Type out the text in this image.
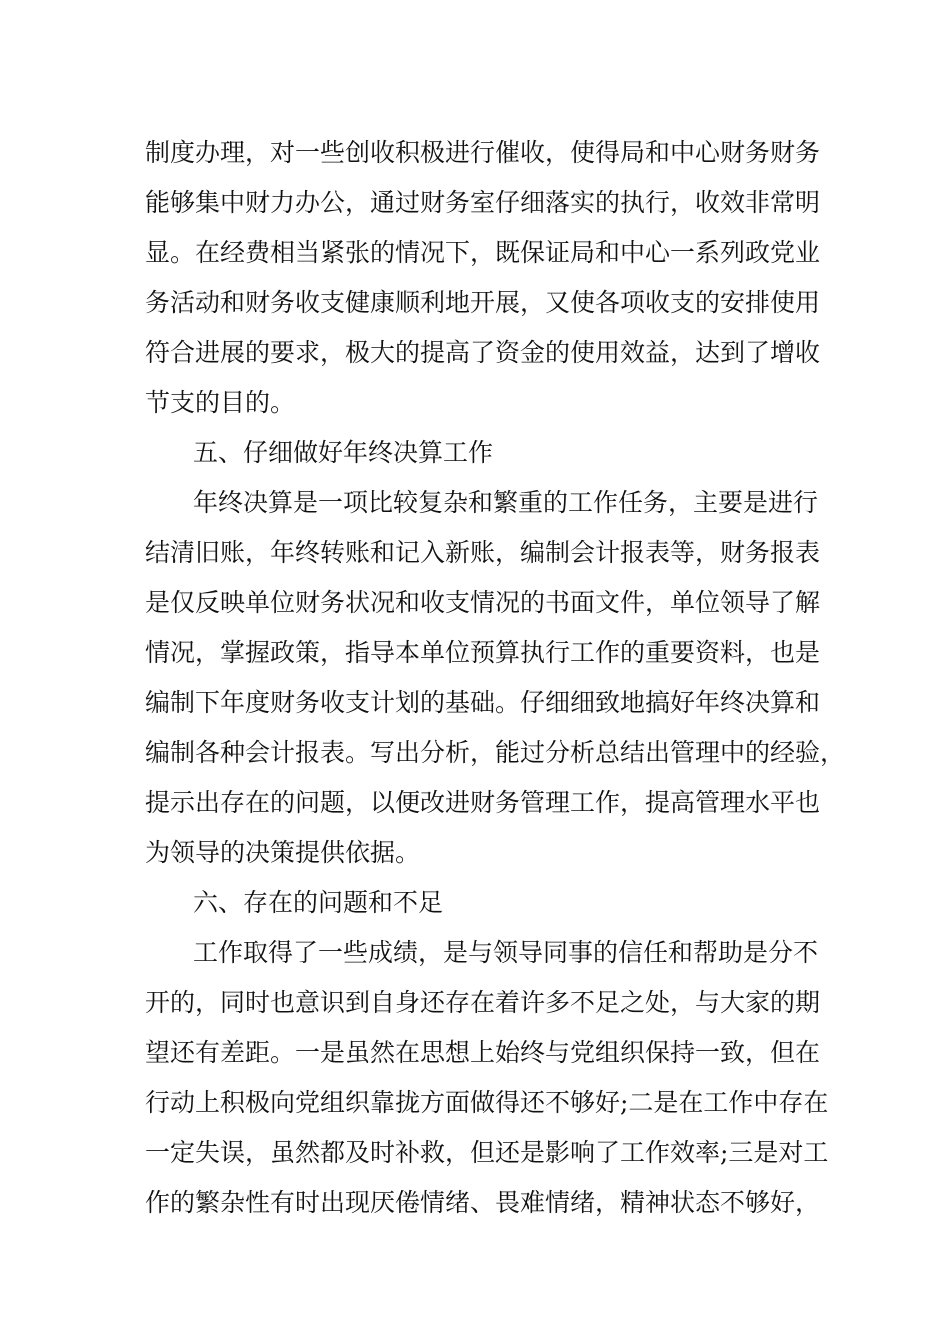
制度办理，对一些创收积极进行催收，使得局和中心财务财务
能够集中财力办公，通过财务室仔细落实的执行，收效非常明
显。在经费相当紧张的情况下，既保证局和中心一系列政党业
务活动和财务收支健康顺利地开展，又使各项收支的安排使用
符合进展的要求，极大的提高了资金的使用效益，达到了增收
节支的目的。
五、仔细做好年终决算工作
年终决算是一项比较复杂和繁重的工作任务，主要是进行
结清旧账，年终转账和记入新账，编制会计报表等，财务报表
是仅反映单位财务状况和收支情况的书面文件，单位领导了解
情况，掌握政策，指导本单位预算执行工作的重要资料，也是
编制下年度财务收支计划的基础。仔细细致地搞好年终决算和
编制各种会计报表。写出分析，能过分析总结出管理中的经验，
提示出存在的问题，以便改进财务管理工作，提高管理水平也
为领导的决策提供依据。
六、存在的问题和不足
工作取得了一些成绩，是与领导同事的信任和帮助是分不
开的，同时也意识到自身还存在着许多不足之处，与大家的期
望还有差距。一是虽然在思想上始终与党组织保持一致，但在
行动上积极向党组织靠拢方面做得还不够好;二是在工作中存在
一定失误，虽然都及时补救，但还是影响了工作效率;三是对工
作的繁杂性有时出现厌倦情绪、畏难情绪，精神状态不够好，
